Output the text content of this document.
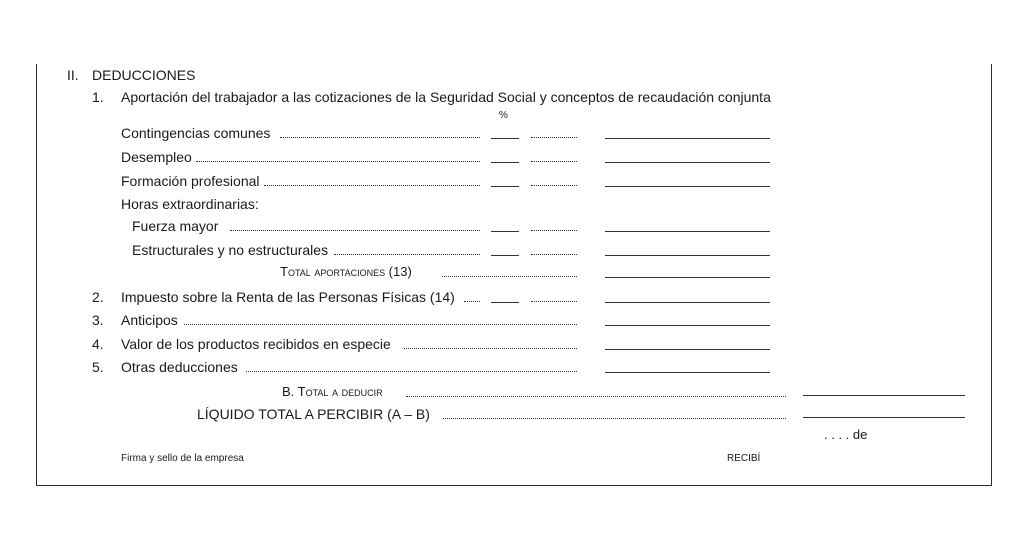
II. DEDUCCIONES
1. Aportación del trabajador a las cotizaciones de la Seguridad Social y conceptos de recaudación conjunta
%
Contingencias comunes
Desempleo
Formación profesional
Horas extraordinarias:
Fuerza mayor
Estructurales y no estructurales
Total aportaciones (13)
2. Impuesto sobre la Renta de las Personas Físicas (14)
3. Anticipos
4. Valor de los productos recibidos en especie
5. Otras deducciones
B. Total a deducir
LÍQUIDO TOTAL A PERCIBIR (A – B)
. . . . de
Firma y sello de la empresa	RECIBÍ
